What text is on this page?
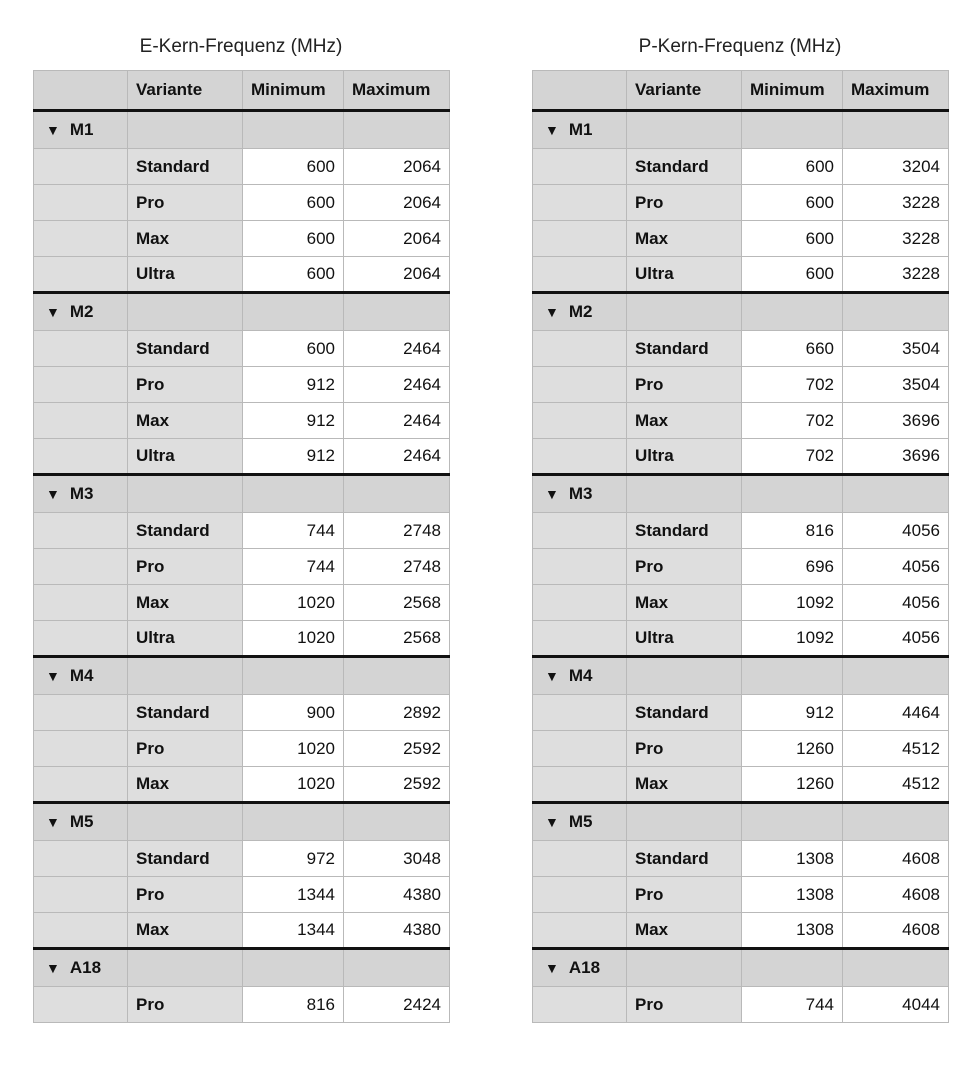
E-Kern-Frequenz (MHz)
	Variante	Minimum	Maximum
▼ M1			
	Standard	600	2064
	Pro	600	2064
	Max	600	2064
	Ultra	600	2064
▼ M2			
	Standard	600	2464
	Pro	912	2464
	Max	912	2464
	Ultra	912	2464
▼ M3			
	Standard	744	2748
	Pro	744	2748
	Max	1020	2568
	Ultra	1020	2568
▼ M4			
	Standard	900	2892
	Pro	1020	2592
	Max	1020	2592
▼ M5			
	Standard	972	3048
	Pro	1344	4380
	Max	1344	4380
▼ A18			
	Pro	816	2424
P-Kern-Frequenz (MHz)
	Variante	Minimum	Maximum
▼ M1			
	Standard	600	3204
	Pro	600	3228
	Max	600	3228
	Ultra	600	3228
▼ M2			
	Standard	660	3504
	Pro	702	3504
	Max	702	3696
	Ultra	702	3696
▼ M3			
	Standard	816	4056
	Pro	696	4056
	Max	1092	4056
	Ultra	1092	4056
▼ M4			
	Standard	912	4464
	Pro	1260	4512
	Max	1260	4512
▼ M5			
	Standard	1308	4608
	Pro	1308	4608
	Max	1308	4608
▼ A18			
	Pro	744	4044
